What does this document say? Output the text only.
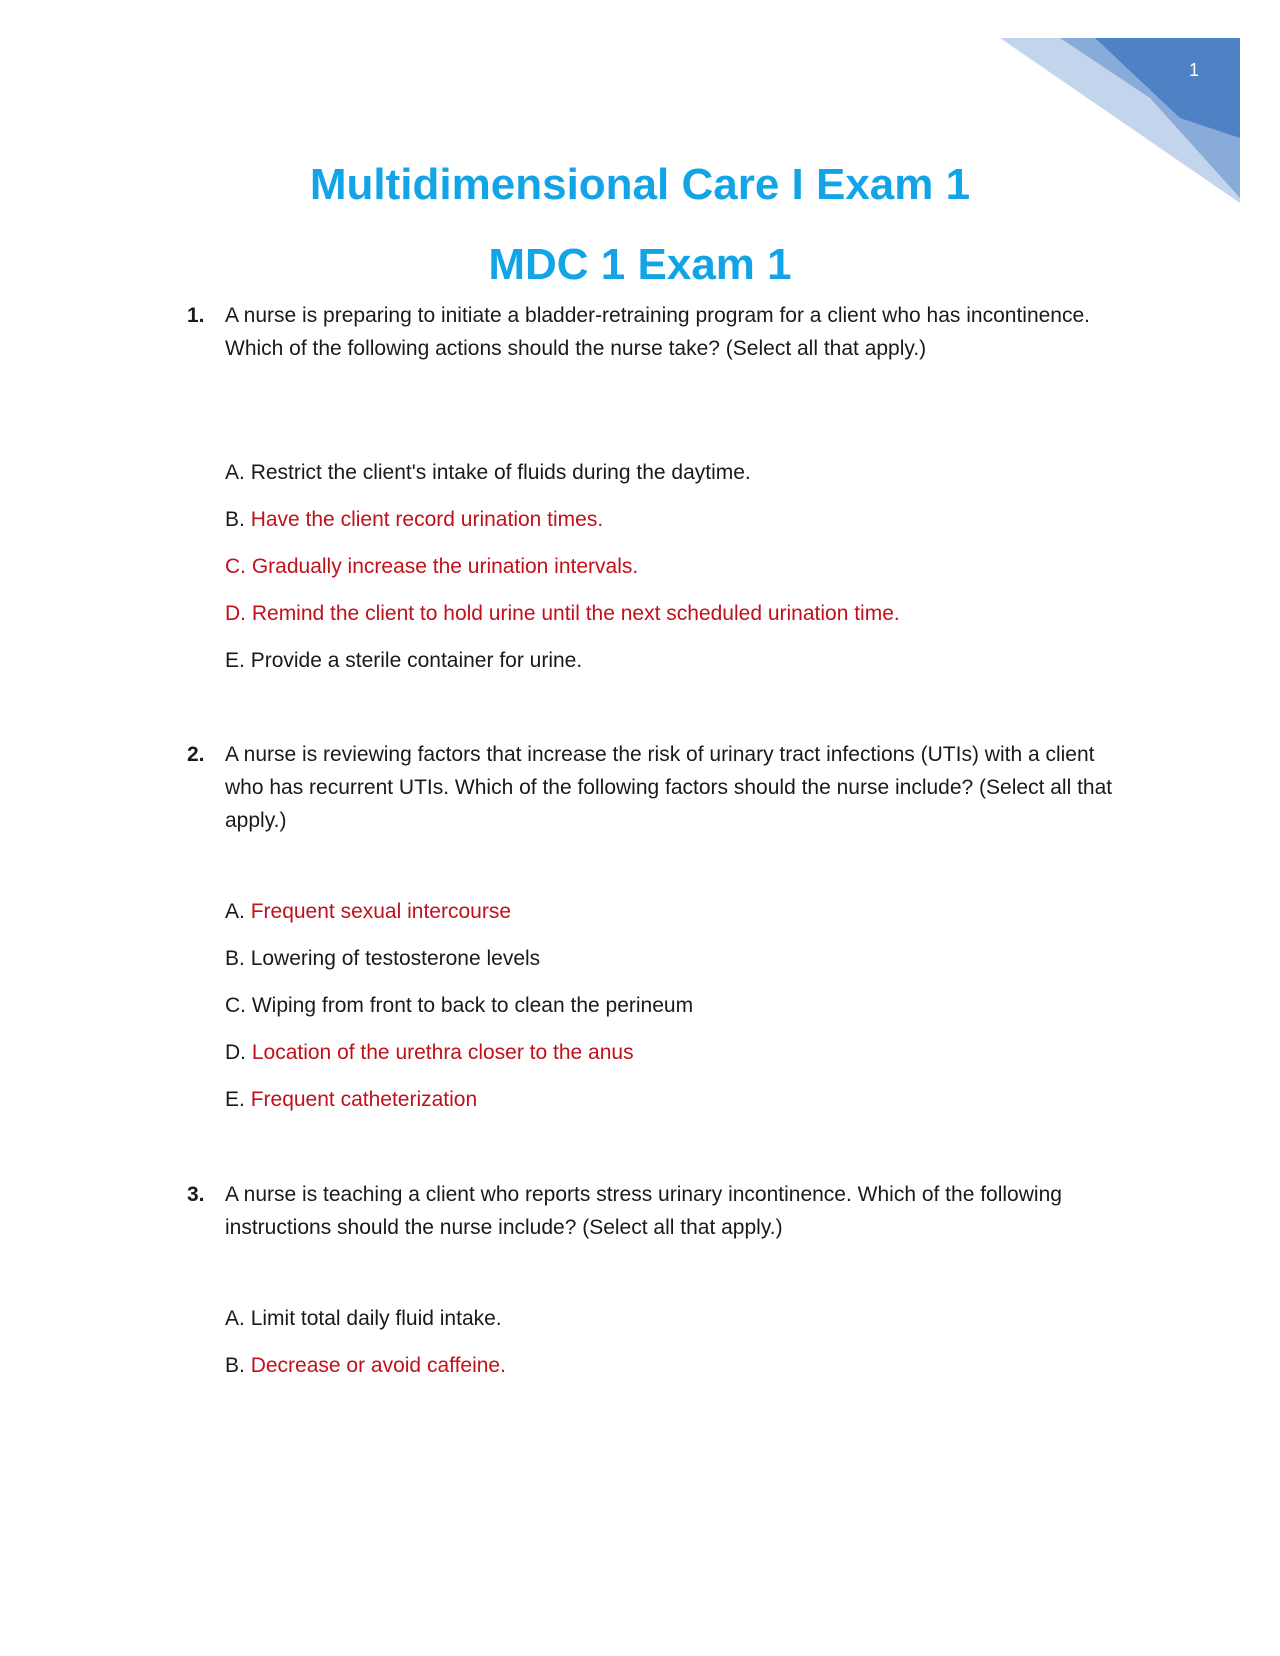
1
Multidimensional Care I Exam 1
MDC 1 Exam 1
1. A nurse is preparing to initiate a bladder-retraining program for a client who has incontinence. Which of the following actions should the nurse take? (Select all that apply.)
A. Restrict the client's intake of fluids during the daytime.
B. Have the client record urination times.
C. Gradually increase the urination intervals.
D. Remind the client to hold urine until the next scheduled urination time.
E. Provide a sterile container for urine.
2. A nurse is reviewing factors that increase the risk of urinary tract infections (UTIs) with a client who has recurrent UTIs. Which of the following factors should the nurse include? (Select all that apply.)
A. Frequent sexual intercourse
B. Lowering of testosterone levels
C. Wiping from front to back to clean the perineum
D. Location of the urethra closer to the anus
E. Frequent catheterization
3. A nurse is teaching a client who reports stress urinary incontinence. Which of the following instructions should the nurse include? (Select all that apply.)
A. Limit total daily fluid intake.
B. Decrease or avoid caffeine.
